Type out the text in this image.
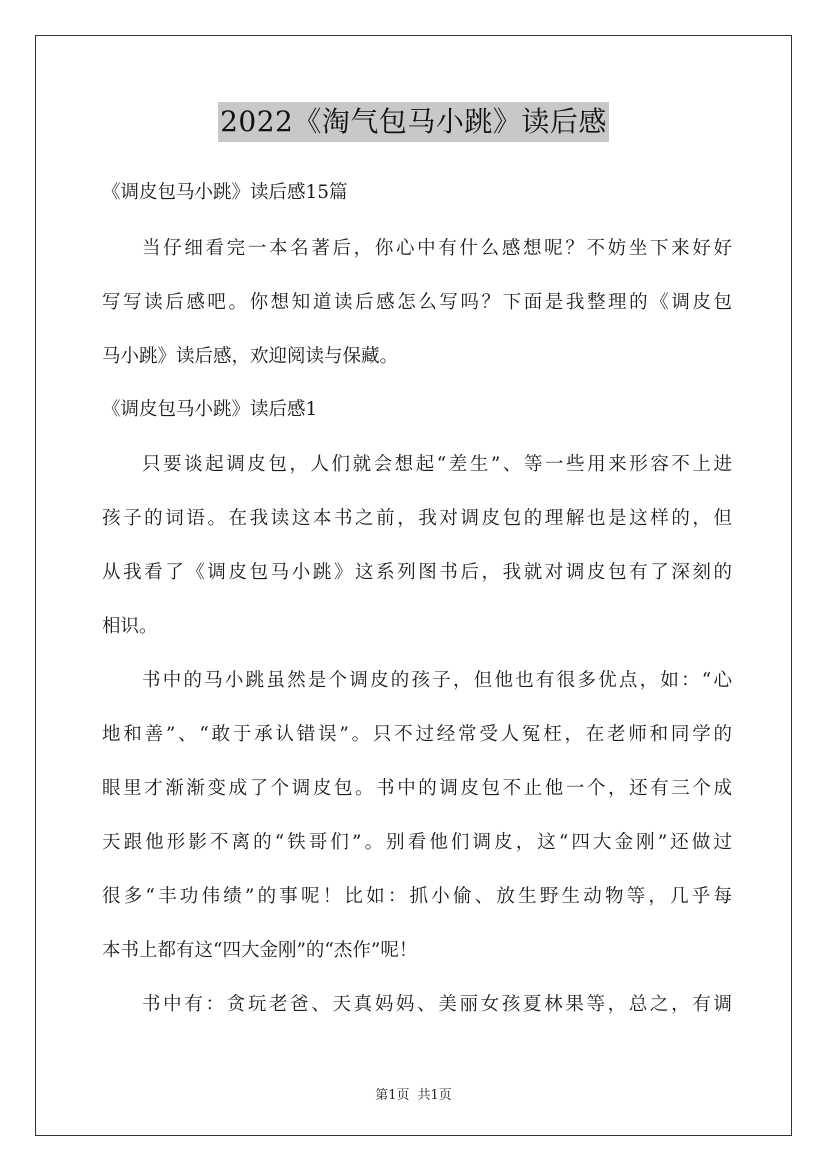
2022《淘气包马小跳》读后感
《调皮包马小跳》读后感15篇
当仔细看完一本名著后，你心中有什么感想呢？不妨坐下来好好
写写读后感吧。你想知道读后感怎么写吗？下面是我整理的《调皮包
马小跳》读后感，欢迎阅读与保藏。
《调皮包马小跳》读后感1
只要谈起调皮包，人们就会想起“差生”、等一些用来形容不上进
孩子的词语。在我读这本书之前，我对调皮包的理解也是这样的，但
从我看了《调皮包马小跳》这系列图书后，我就对调皮包有了深刻的
相识。
书中的马小跳虽然是个调皮的孩子，但他也有很多优点，如：“心
地和善”、“敢于承认错误”。只不过经常受人冤枉，在老师和同学的
眼里才渐渐变成了个调皮包。书中的调皮包不止他一个，还有三个成
天跟他形影不离的“铁哥们”。别看他们调皮，这“四大金刚”还做过
很多“丰功伟绩”的事呢！比如：抓小偷、放生野生动物等，几乎每
本书上都有这“四大金刚”的“杰作”呢！
书中有：贪玩老爸、天真妈妈、美丽女孩夏林果等，总之，有调
第1页 共1页
